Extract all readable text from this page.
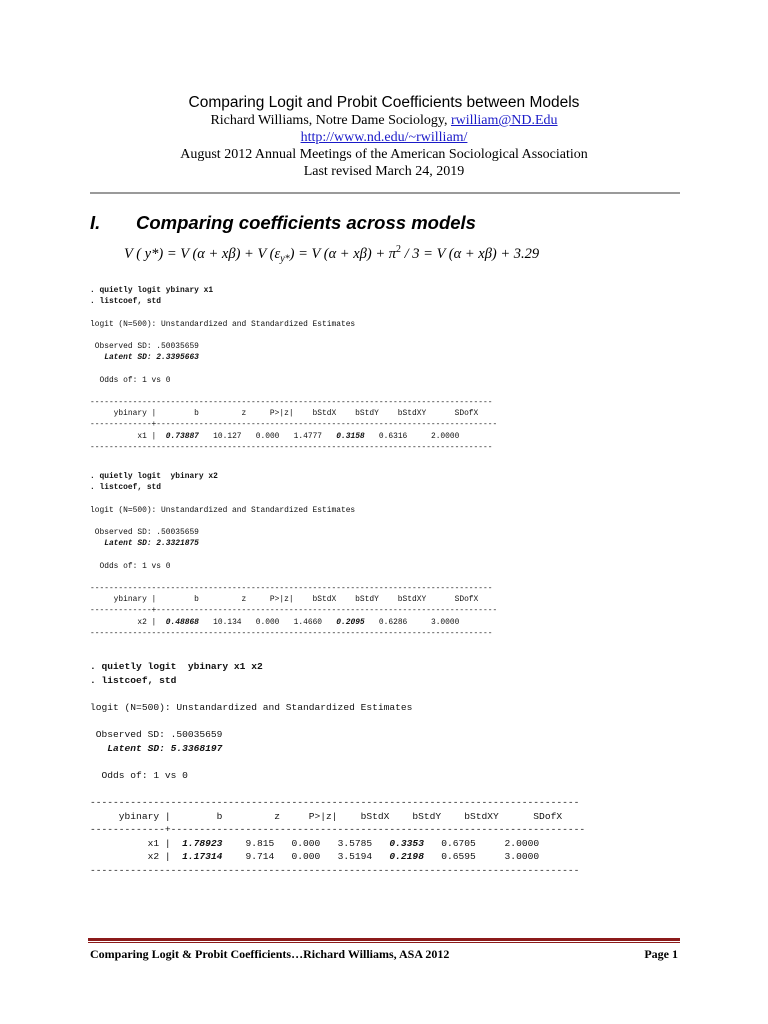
Comparing Logit and Probit Coefficients between Models
Richard Williams, Notre Dame Sociology, rwilliam@ND.Edu
http://www.nd.edu/~rwilliam/
August 2012 Annual Meetings of the American Sociological Association
Last revised March 24, 2019
I. Comparing coefficients across models
V ( y*) = V (α + xβ) + V $(\varepsilon_{y*}) = V$ $(\alpha + x\beta) + \pi^2 / 3 = V$ (α + xβ) + 3.29
. quietly logit ybinary x1
. listcoef, std

logit (N=500): Unstandardized and Standardized Estimates

Observed SD: .50035659
Latent SD: 2.3395663

Odds of: 1 vs 0

-------------------------------------------------------------------------------------
ybinary |        b         z     P>|z|    bStdX    bStdY    bStdXY      SDofX
-------------+------------------------------------------------------------------------
x1 |  0.73887   10.127   0.000   1.4777   0.3158   0.6316     2.0000
-------------------------------------------------------------------------------------
. quietly logit  ybinary x2
. listcoef, std

logit (N=500): Unstandardized and Standardized Estimates

Observed SD: .50035659
Latent SD: 2.3321875

Odds of: 1 vs 0

-------------------------------------------------------------------------------------
ybinary |        b         z     P>|z|    bStdX    bStdY    bStdXY      SDofX
-------------+------------------------------------------------------------------------
x2 |  0.48868   10.134   0.000   1.4660   0.2095   0.6286     3.0000
-------------------------------------------------------------------------------------
. quietly logit  ybinary x1 x2
. listcoef, std

logit (N=500): Unstandardized and Standardized Estimates

Observed SD: .50035659
Latent SD: 5.3368197

Odds of: 1 vs 0

-------------------------------------------------------------------------------------
ybinary |        b         z     P>|z|    bStdX    bStdY    bStdXY      SDofX
-------------+------------------------------------------------------------------------
x1 |  1.78923    9.815   0.000   3.5785   0.3353   0.6705     2.0000
x2 |  1.17314    9.714   0.000   3.5194   0.2198   0.6595     3.0000
-------------------------------------------------------------------------------------
Comparing Logit & Probit Coefficients…Richard Williams, ASA 2012	Page 1
